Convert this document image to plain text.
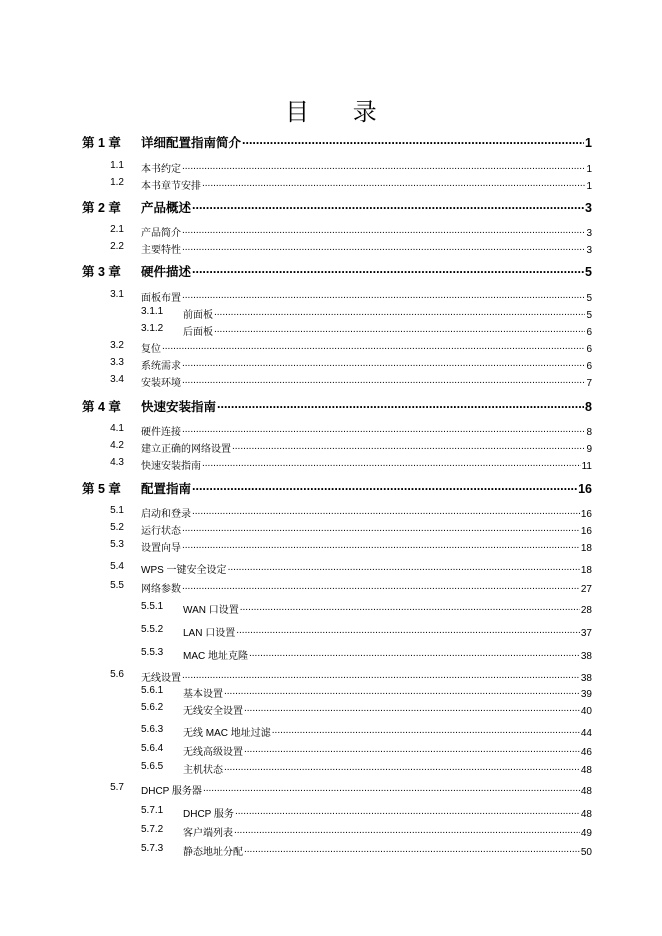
目 录
第 1 章 详细配置指南简介 .....	1
1.1 本书约定 .....	1
1.2 本书章节安排 .....	1
第 2 章 产品概述 .....	3
2.1 产品简介 .....	3
2.2 主要特性 .....	3
第 3 章 硬件描述 .....	5
3.1 面板布置 .....	5
3.1.1 前面板 .....	5
3.1.2 后面板 .....	6
3.2 复位 .....	6
3.3 系统需求 .....	6
3.4 安装环境 .....	7
第 4 章 快速安装指南 .....	8
4.1 硬件连接 .....	8
4.2 建立正确的网络设置 .....	9
4.3 快速安装指南 .....	11
第 5 章 配置指南 .....	16
5.1 启动和登录 .....	16
5.2 运行状态 .....	16
5.3 设置向导 .....	18
5.4 WPS 一键安全设定 .....	18
5.5 网络参数 .....	27
5.5.1 WAN 口设置 .....	28
5.5.2 LAN 口设置 .....	37
5.5.3 MAC 地址克隆 .....	38
5.6 无线设置 .....	38
5.6.1 基本设置 .....	39
5.6.2 无线安全设置 .....	40
5.6.3 无线 MAC 地址过滤 .....	44
5.6.4 无线高级设置 .....	46
5.6.5 主机状态 .....	48
5.7 DHCP 服务器 .....	48
5.7.1 DHCP 服务 .....	48
5.7.2 客户端列表 .....	49
5.7.3 静态地址分配 .....	50
